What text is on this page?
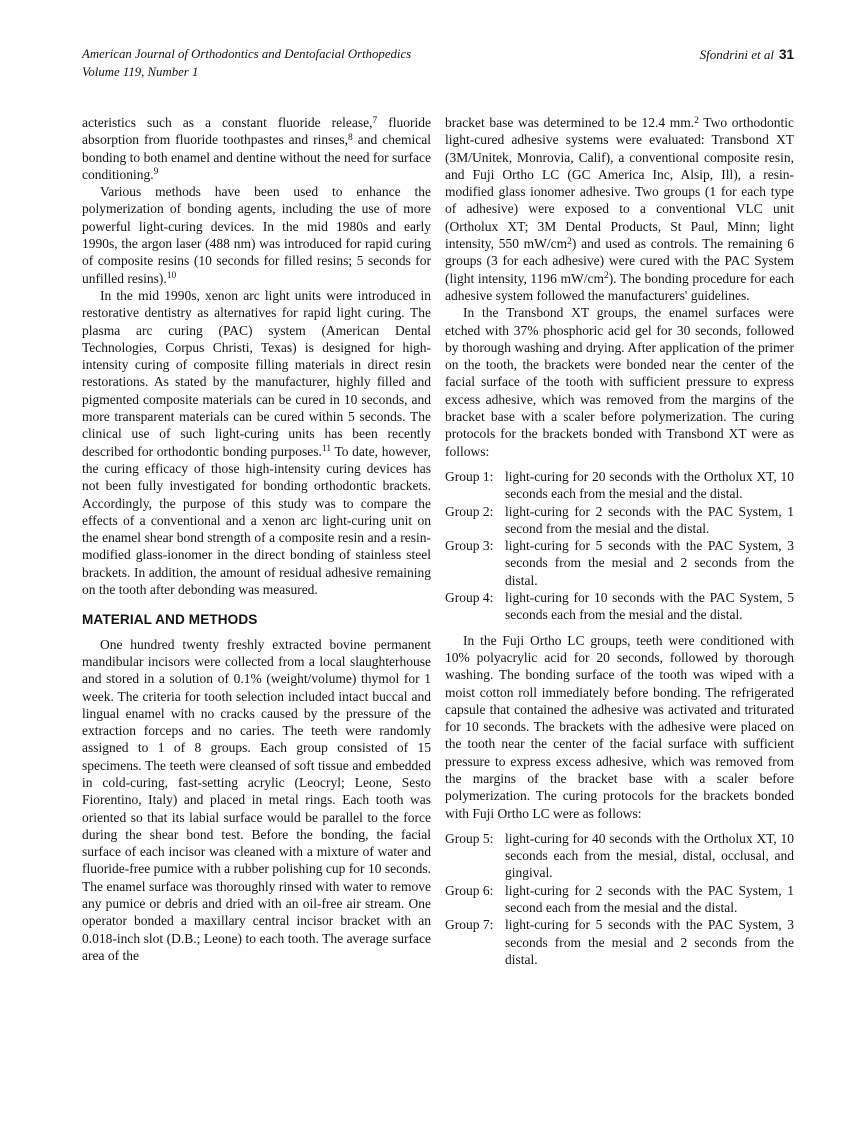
American Journal of Orthodontics and Dentofacial Orthopedics
Volume 119, Number 1
Sfondrini et al 31

acteristics such as a constant fluoride release,$^7$ fluoride absorption from fluoride toothpastes and rinses,$^8$ and chemical bonding to both enamel and dentine without the need for surface conditioning.$^9$

Various methods have been used to enhance the polymerization of bonding agents, including the use of more powerful light-curing devices. In the mid 1980s and early 1990s, the argon laser (488 nm) was introduced for rapid curing of composite resins (10 seconds for filled resins; 5 seconds for unfilled resins).$^{10}$

In the mid 1990s, xenon arc light units were introduced in restorative dentistry as alternatives for rapid light curing. The plasma arc curing (PAC) system (American Dental Technologies, Corpus Christi, Texas) is designed for high-intensity curing of composite filling materials in direct resin restorations. As stated by the manufacturer, highly filled and pigmented composite materials can be cured in 10 seconds, and more transparent materials can be cured within 5 seconds. The clinical use of such light-curing units has been recently described for orthodontic bonding purposes.$^{11}$ To date, however, the curing efficacy of those high-intensity curing devices has not been fully investigated for bonding orthodontic brackets. Accordingly, the purpose of this study was to compare the effects of a conventional and a xenon arc light-curing unit on the enamel shear bond strength of a composite resin and a resin-modified glass-ionomer in the direct bonding of stainless steel brackets. In addition, the amount of residual adhesive remaining on the tooth after debonding was measured.

MATERIAL AND METHODS

One hundred twenty freshly extracted bovine permanent mandibular incisors were collected from a local slaughterhouse and stored in a solution of 0.1% (weight/volume) thymol for 1 week. The criteria for tooth selection included intact buccal and lingual enamel with no cracks caused by the pressure of the extraction forceps and no caries. The teeth were randomly assigned to 1 of 8 groups. Each group consisted of 15 specimens. The teeth were cleansed of soft tissue and embedded in cold-curing, fast-setting acrylic (Leocryl; Leone, Sesto Fiorentino, Italy) and placed in metal rings. Each tooth was oriented so that its labial surface would be parallel to the force during the shear bond test. Before the bonding, the facial surface of each incisor was cleaned with a mixture of water and fluoride-free pumice with a rubber polishing cup for 10 seconds. The enamel surface was thoroughly rinsed with water to remove any pumice or debris and dried with an oil-free air stream. One operator bonded a maxillary central incisor bracket with an 0.018-inch slot (D.B.; Leone) to each tooth. The average surface area of the

bracket base was determined to be 12.4 mm.$^2$ Two orthodontic light-cured adhesive systems were evaluated: Transbond XT (3M/Unitek, Monrovia, Calif), a conventional composite resin, and Fuji Ortho LC (GC America Inc, Alsip, Ill), a resin-modified glass ionomer adhesive. Two groups (1 for each type of adhesive) were exposed to a conventional VLC unit (Ortholux XT; 3M Dental Products, St Paul, Minn; light intensity, 550 $mW/cm^2$) and used as controls. The remaining 6 groups (3 for each adhesive) were cured with the PAC System (light intensity, 1196 $mW/cm^2$). The bonding procedure for each adhesive system followed the manufacturers' guidelines.

In the Transbond XT groups, the enamel surfaces were etched with 37% phosphoric acid gel for 30 seconds, followed by thorough washing and drying. After application of the primer on the tooth, the brackets were bonded near the center of the facial surface of the tooth with sufficient pressure to express excess adhesive, which was removed from the margins of the bracket base with a scaler before polymerization. The curing protocols for the brackets bonded with Transbond XT were as follows:

Group 1: light-curing for 20 seconds with the Ortholux XT, 10 seconds each from the mesial and the distal.
Group 2: light-curing for 2 seconds with the PAC System, 1 second from the mesial and the distal.
Group 3: light-curing for 5 seconds with the PAC System, 3 seconds from the mesial and 2 seconds from the distal.
Group 4: light-curing for 10 seconds with the PAC System, 5 seconds each from the mesial and the distal.

In the Fuji Ortho LC groups, teeth were conditioned with 10% polyacrylic acid for 20 seconds, followed by thorough washing. The bonding surface of the tooth was wiped with a moist cotton roll immediately before bonding. The refrigerated capsule that contained the adhesive was activated and triturated for 10 seconds. The brackets with the adhesive were placed on the tooth near the center of the facial surface with sufficient pressure to express excess adhesive, which was removed from the margins of the bracket base with a scaler before polymerization. The curing protocols for the brackets bonded with Fuji Ortho LC were as follows:

Group 5: light-curing for 40 seconds with the Ortholux XT, 10 seconds each from the mesial, distal, occlusal, and gingival.
Group 6: light-curing for 2 seconds with the PAC System, 1 second each from the mesial and the distal.
Group 7: light-curing for 5 seconds with the PAC System, 3 seconds from the mesial and 2 seconds from the distal.
